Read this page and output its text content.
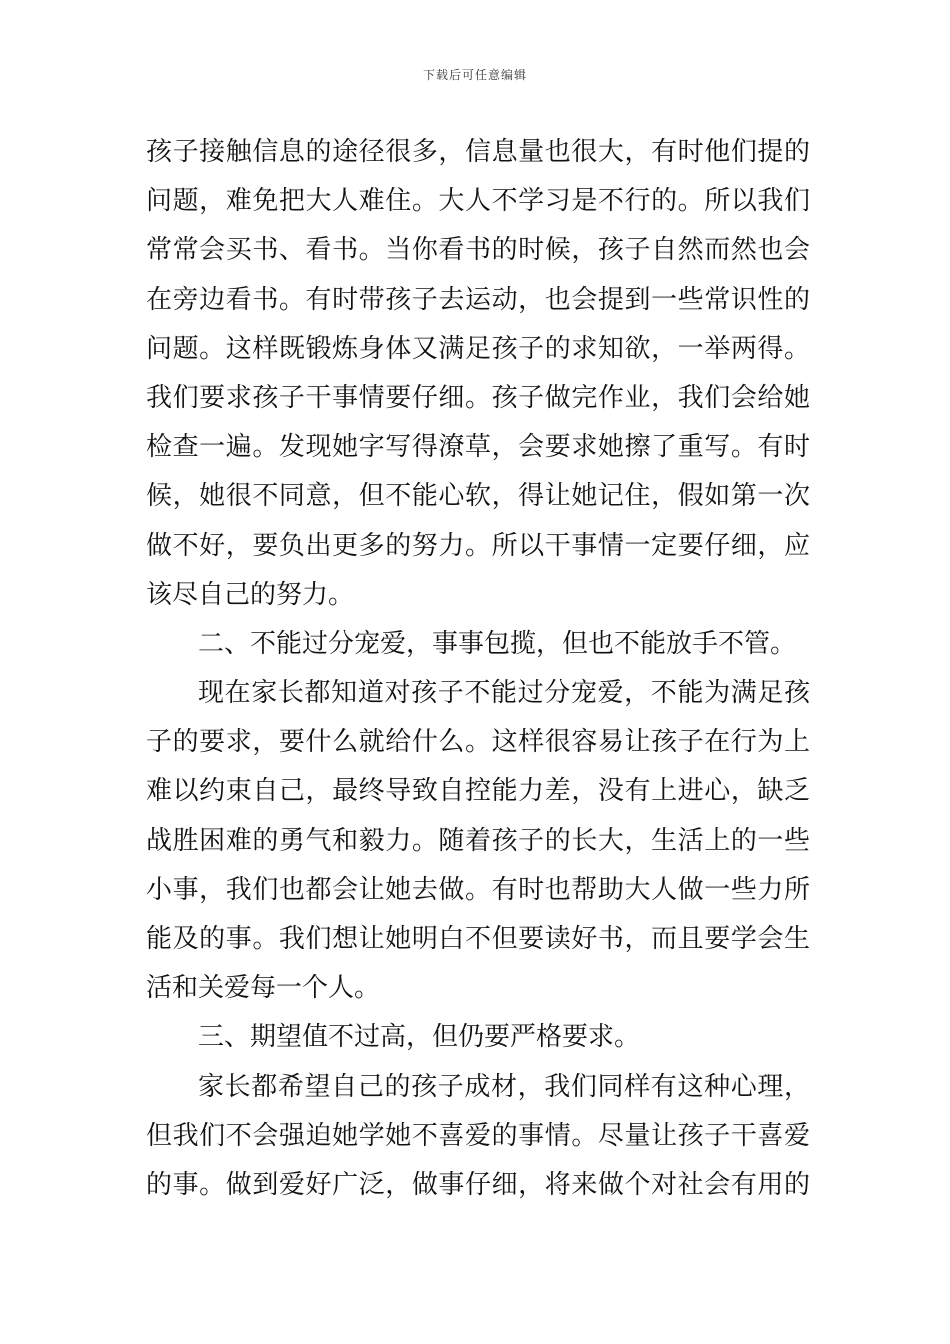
下载后可任意编辑
孩子接触信息的途径很多，信息量也很大，有时他们提的
问题，难免把大人难住。大人不学习是不行的。所以我们
常常会买书、看书。当你看书的时候，孩子自然而然也会
在旁边看书。有时带孩子去运动，也会提到一些常识性的
问题。这样既锻炼身体又满足孩子的求知欲，一举两得。
我们要求孩子干事情要仔细。孩子做完作业，我们会给她
检查一遍。发现她字写得潦草，会要求她擦了重写。有时
候，她很不同意，但不能心软，得让她记住，假如第一次
做不好，要负出更多的努力。所以干事情一定要仔细，应
该尽自己的努力。
二、不能过分宠爱，事事包揽，但也不能放手不管。
现在家长都知道对孩子不能过分宠爱，不能为满足孩
子的要求，要什么就给什么。这样很容易让孩子在行为上
难以约束自己，最终导致自控能力差，没有上进心，缺乏
战胜困难的勇气和毅力。随着孩子的长大，生活上的一些
小事，我们也都会让她去做。有时也帮助大人做一些力所
能及的事。我们想让她明白不但要读好书，而且要学会生
活和关爱每一个人。
三、期望值不过高，但仍要严格要求。
家长都希望自己的孩子成材，我们同样有这种心理，
但我们不会强迫她学她不喜爱的事情。尽量让孩子干喜爱
的事。做到爱好广泛，做事仔细，将来做个对社会有用的
